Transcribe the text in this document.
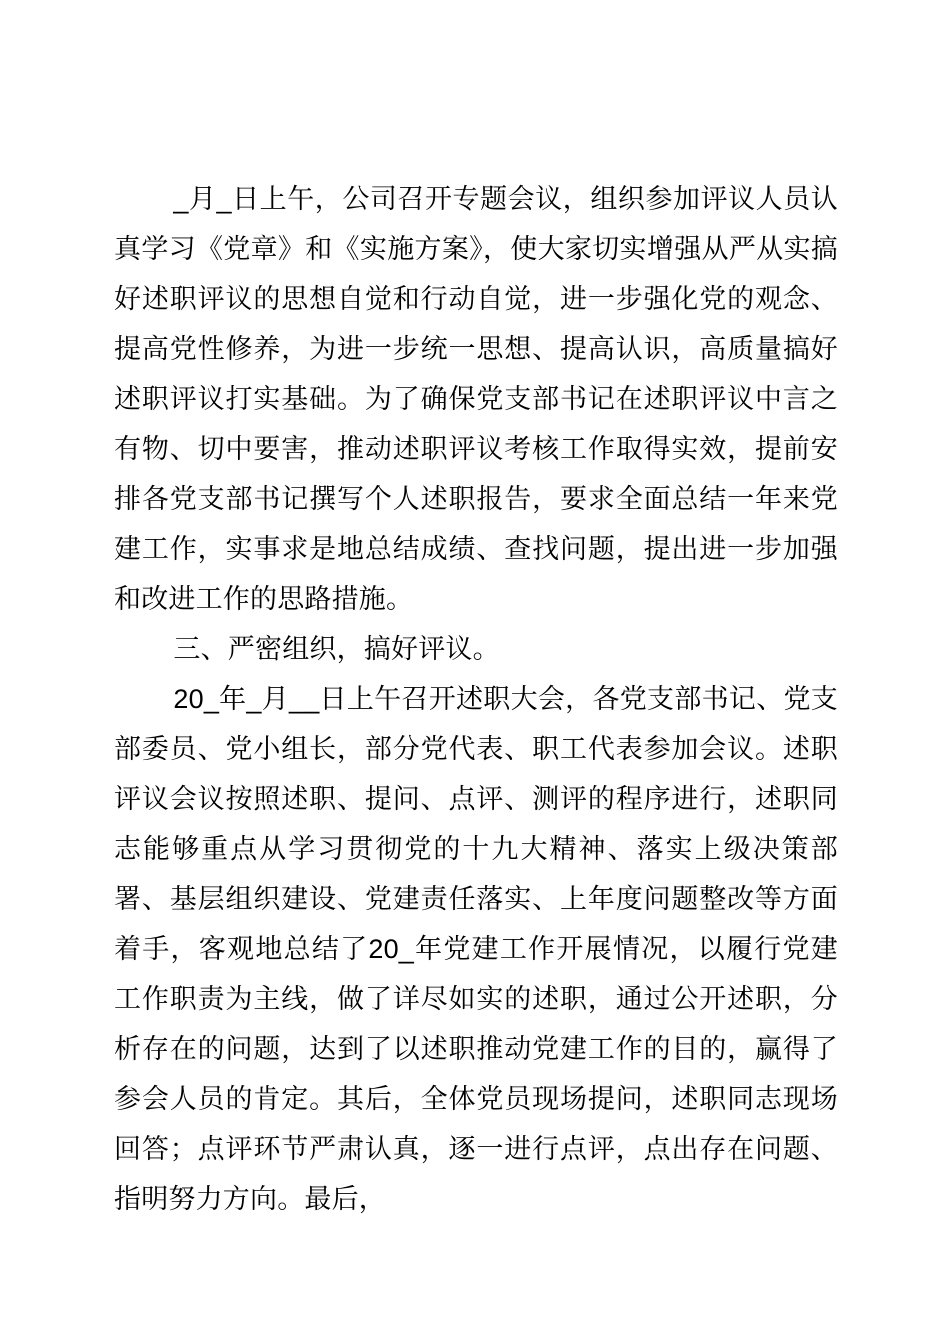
_月_日上午，公司召开专题会议，组织参加评议人员认真学习《党章》和《实施方案》，使大家切实增强从严从实搞好述职评议的思想自觉和行动自觉，进一步强化党的观念、提高党性修养，为进一步统一思想、提高认识，高质量搞好述职评议打实基础。为了确保党支部书记在述职评议中言之有物、切中要害，推动述职评议考核工作取得实效，提前安排各党支部书记撰写个人述职报告，要求全面总结一年来党建工作，实事求是地总结成绩、查找问题，提出进一步加强和改进工作的思路措施。

三、严密组织，搞好评议。

20_年_月__日上午召开述职大会，各党支部书记、党支部委员、党小组长，部分党代表、职工代表参加会议。述职评议会议按照述职、提问、点评、测评的程序进行，述职同志能够重点从学习贯彻党的十九大精神、落实上级决策部署、基层组织建设、党建责任落实、上年度问题整改等方面着手，客观地总结了20_年党建工作开展情况，以履行党建工作职责为主线，做了详尽如实的述职，通过公开述职，分析存在的问题，达到了以述职推动党建工作的目的，赢得了参会人员的肯定。其后，全体党员现场提问，述职同志现场回答；点评环节严肃认真，逐一进行点评，点出存在问题、指明努力方向。最后，
